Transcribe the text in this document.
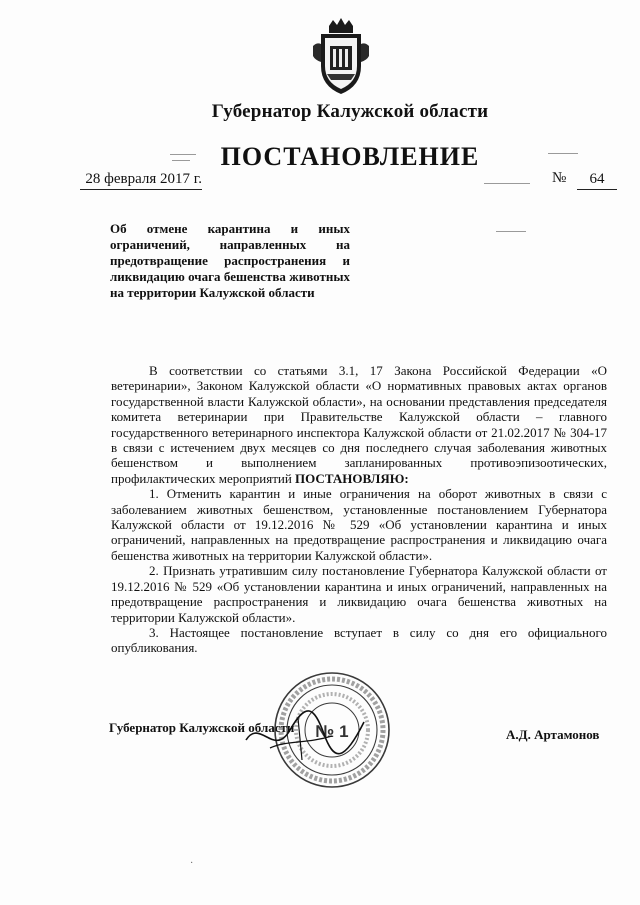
Губернатор Калужской области
ПОСТАНОВЛЕНИЕ
28 февраля 2017 г.	№	64
Об отмене карантина и иных ограничений, направленных на предотвращение распространения и ликвидацию очага бешенства животных на территории Калужской области

В соответствии со статьями 3.1, 17 Закона Российской Федерации «О ветеринарии», Законом Калужской области «О нормативных правовых актах органов государственной власти Калужской области», на основании представления председателя комитета ветеринарии при Правительстве Калужской области – главного государственного ветеринарного инспектора Калужской области от 21.02.2017 № 304-17 в связи с истечением двух месяцев со дня последнего случая заболевания животных бешенством и выполнением запланированных противоэпизоотических, профилактических мероприятий ПОСТАНОВЛЯЮ:

1. Отменить карантин и иные ограничения на оборот животных в связи с заболеванием животных бешенством, установленные постановлением Губернатора Калужской области от 19.12.2016 № 529 «Об установлении карантина и иных ограничений, направленных на предотвращение распространения и ликвидацию очага бешенства животных на территории Калужской области».

2. Признать утратившим силу постановление Губернатора Калужской области от 19.12.2016 № 529 «Об установлении карантина и иных ограничений, направленных на предотвращение распространения и ликвидацию очага бешенства животных на территории Калужской области».

3. Настоящее постановление вступает в силу со дня его официального опубликования.

Губернатор Калужской области	А.Д. Артамонов
№ 1
·
